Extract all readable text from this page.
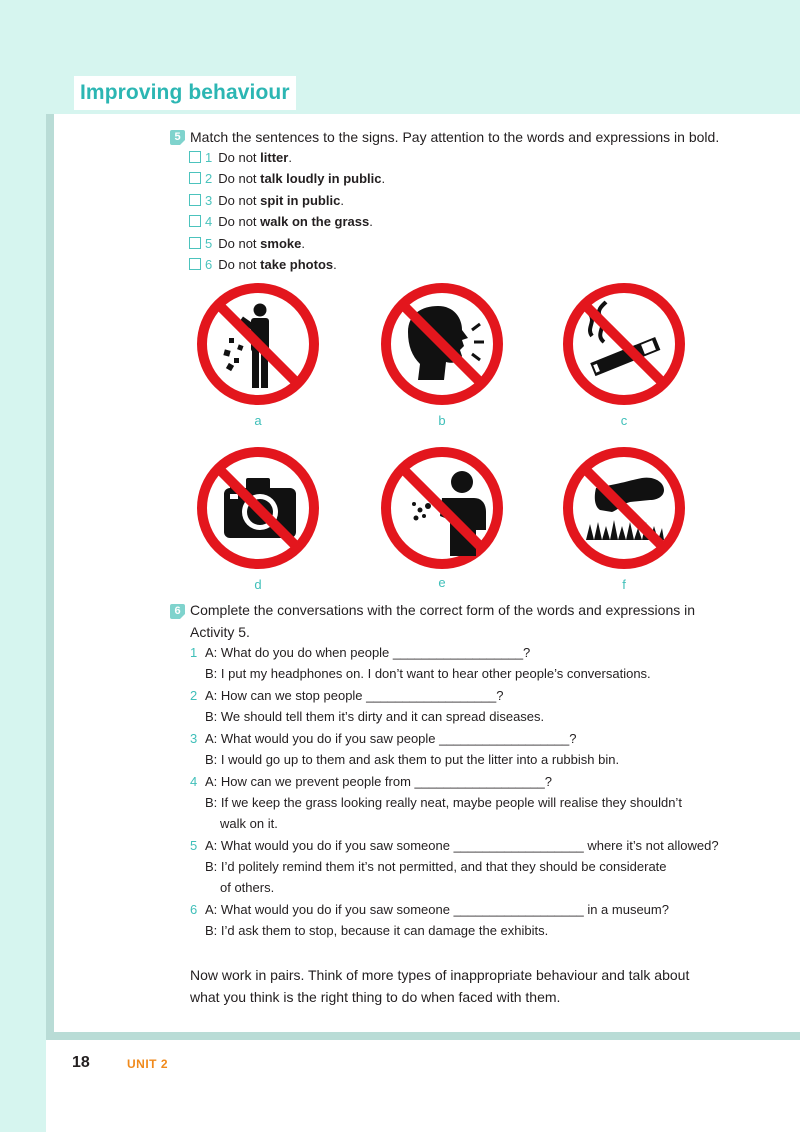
Improving behaviour
5 Match the sentences to the signs. Pay attention to the words and expressions in bold.
1 Do not litter.
2 Do not talk loudly in public.
3 Do not spit in public.
4 Do not walk on the grass.
5 Do not smoke.
6 Do not take photos.
a	b	c
d	e	f
6 Complete the conversations with the correct form of the words and expressions in
Activity 5.
1 A: What do you do when people __________________?
B: I put my headphones on. I don’t want to hear other people’s conversations.
2 A: How can we stop people __________________?
B: We should tell them it’s dirty and it can spread diseases.
3 A: What would you do if you saw people __________________?
B: I would go up to them and ask them to put the litter into a rubbish bin.
4 A: How can we prevent people from __________________?
B: If we keep the grass looking really neat, maybe people will realise they shouldn’t
walk on it.
5 A: What would you do if you saw someone __________________ where it’s not allowed?
B: I’d politely remind them it’s not permitted, and that they should be considerate
of others.
6 A: What would you do if you saw someone __________________ in a museum?
B: I’d ask them to stop, because it can damage the exhibits.
Now work in pairs. Think of more types of inappropriate behaviour and talk about
what you think is the right thing to do when faced with them.
18	UNIT 2
